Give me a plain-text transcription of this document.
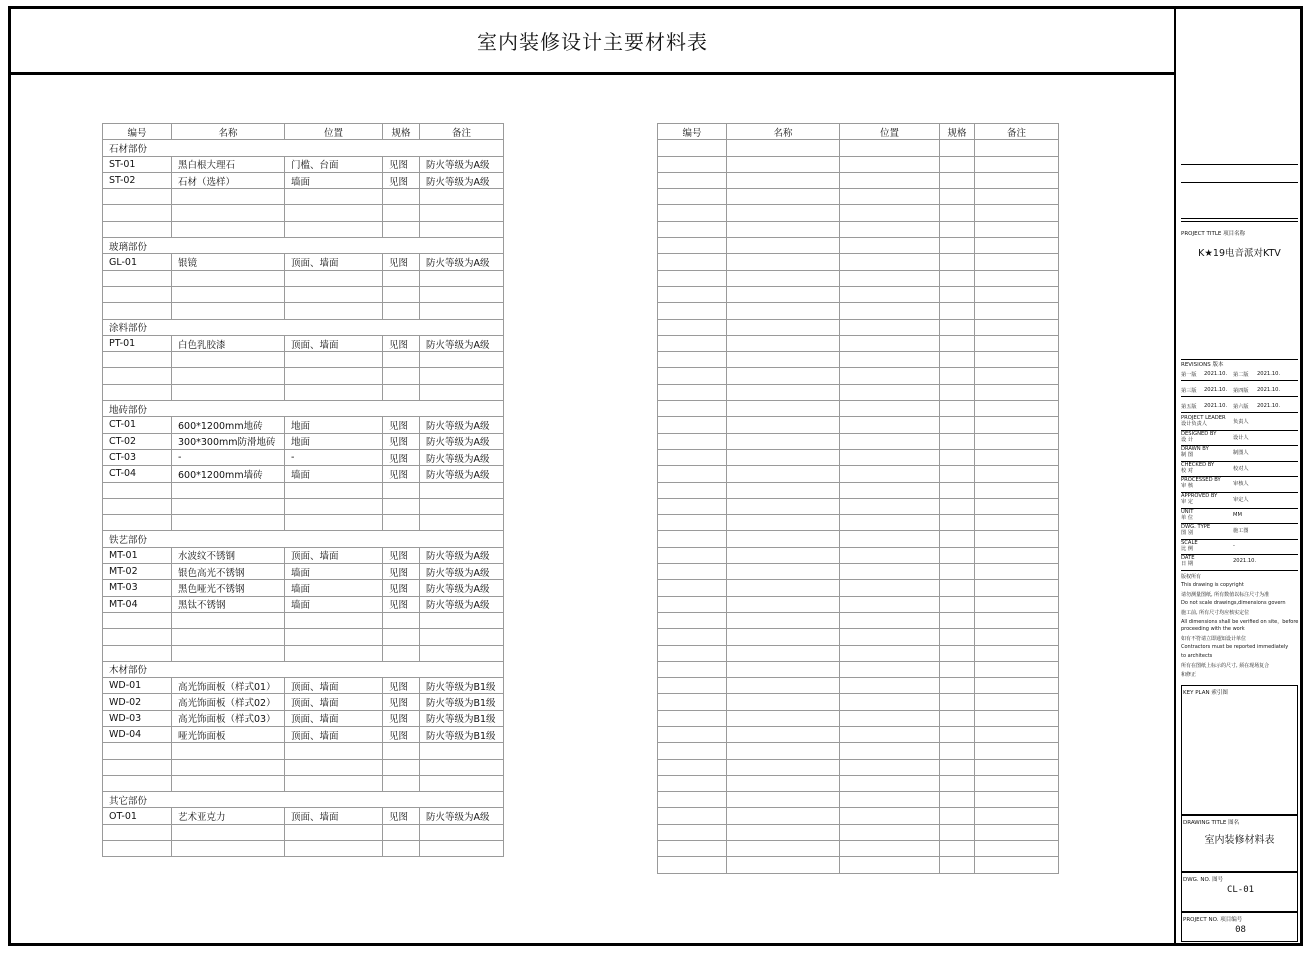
室内装修设计主要材料表
PROJECT TITLE 项目名称
K★19电音派对KTV
REVISIONS 版本
第一版 2021.10. 第二版 2021.10.
第三版 2021.10. 第四版 2021.10.
第五版 2021.10. 第六版 2021.10.
PROJECT LEADER
设计负责人	负责人
DESIGNED BY
设 计	设计人
DRAWN BY
制 图	制图人
CHECKED BY
校 对	校对人
PROCESSED BY
审 核	审核人
APPROVED BY
审 定	审定人
UNIT
单 位	MM
DWG. TYPE
图 别	施工图
SCALE
比 例	-
DATE
日 期	2021.10.
版权所有
This drawing is copyright
请勿测量图纸, 所有数值以标注尺寸为准
Do not scale drawings,dimensions govern
施工前, 所有尺寸均应核实定位
All dimensions shall be verified on site，before
proceeding with the work
如有不符请立即通知设计单位
Contractors must be reported immediately
to architects
所有在图纸上标示的尺寸, 须在现场复合
和修正
KEY PLAN 索引图
DRAWING TITLE 图名
室内装修材料表
DWG. NO. 图号
CL-01
PROJECT NO. 项目编号
08
编号	名称	位置	规格	备注
石材部份				
ST-01	黑白根大理石	门槛、台面	见图	防火等级为A级
ST-02	石材（选样）	墙面	见图	防火等级为A级

玻璃部份				
GL-01	银镜	顶面、墙面	见图	防火等级为A级

涂料部份				
PT-01	白色乳胶漆	顶面、墙面	见图	防火等级为A级

地砖部份				
CT-01	600*1200mm地砖	地面	见图	防火等级为A级
CT-02	300*300mm防滑地砖	地面	见图	防火等级为A级
CT-03	-	-	见图	防火等级为A级
CT-04	600*1200mm墙砖	墙面	见图	防火等级为A级

铁艺部份				
MT-01	水波纹不锈钢	顶面、墙面	见图	防火等级为A级
MT-02	银色高光不锈钢	墙面	见图	防火等级为A级
MT-03	黑色哑光不锈钢	墙面	见图	防火等级为A级
MT-04	黑钛不锈钢	墙面	见图	防火等级为A级

木材部份				
WD-01	高光饰面板（样式01）	顶面、墙面	见图	防火等级为B1级
WD-02	高光饰面板（样式02）	顶面、墙面	见图	防火等级为B1级
WD-03	高光饰面板（样式03）	顶面、墙面	见图	防火等级为B1级
WD-04	哑光饰面板	顶面、墙面	见图	防火等级为B1级

其它部份				
OT-01	艺术亚克力	顶面、墙面	见图	防火等级为A级

编号	名称	位置	规格	备注
